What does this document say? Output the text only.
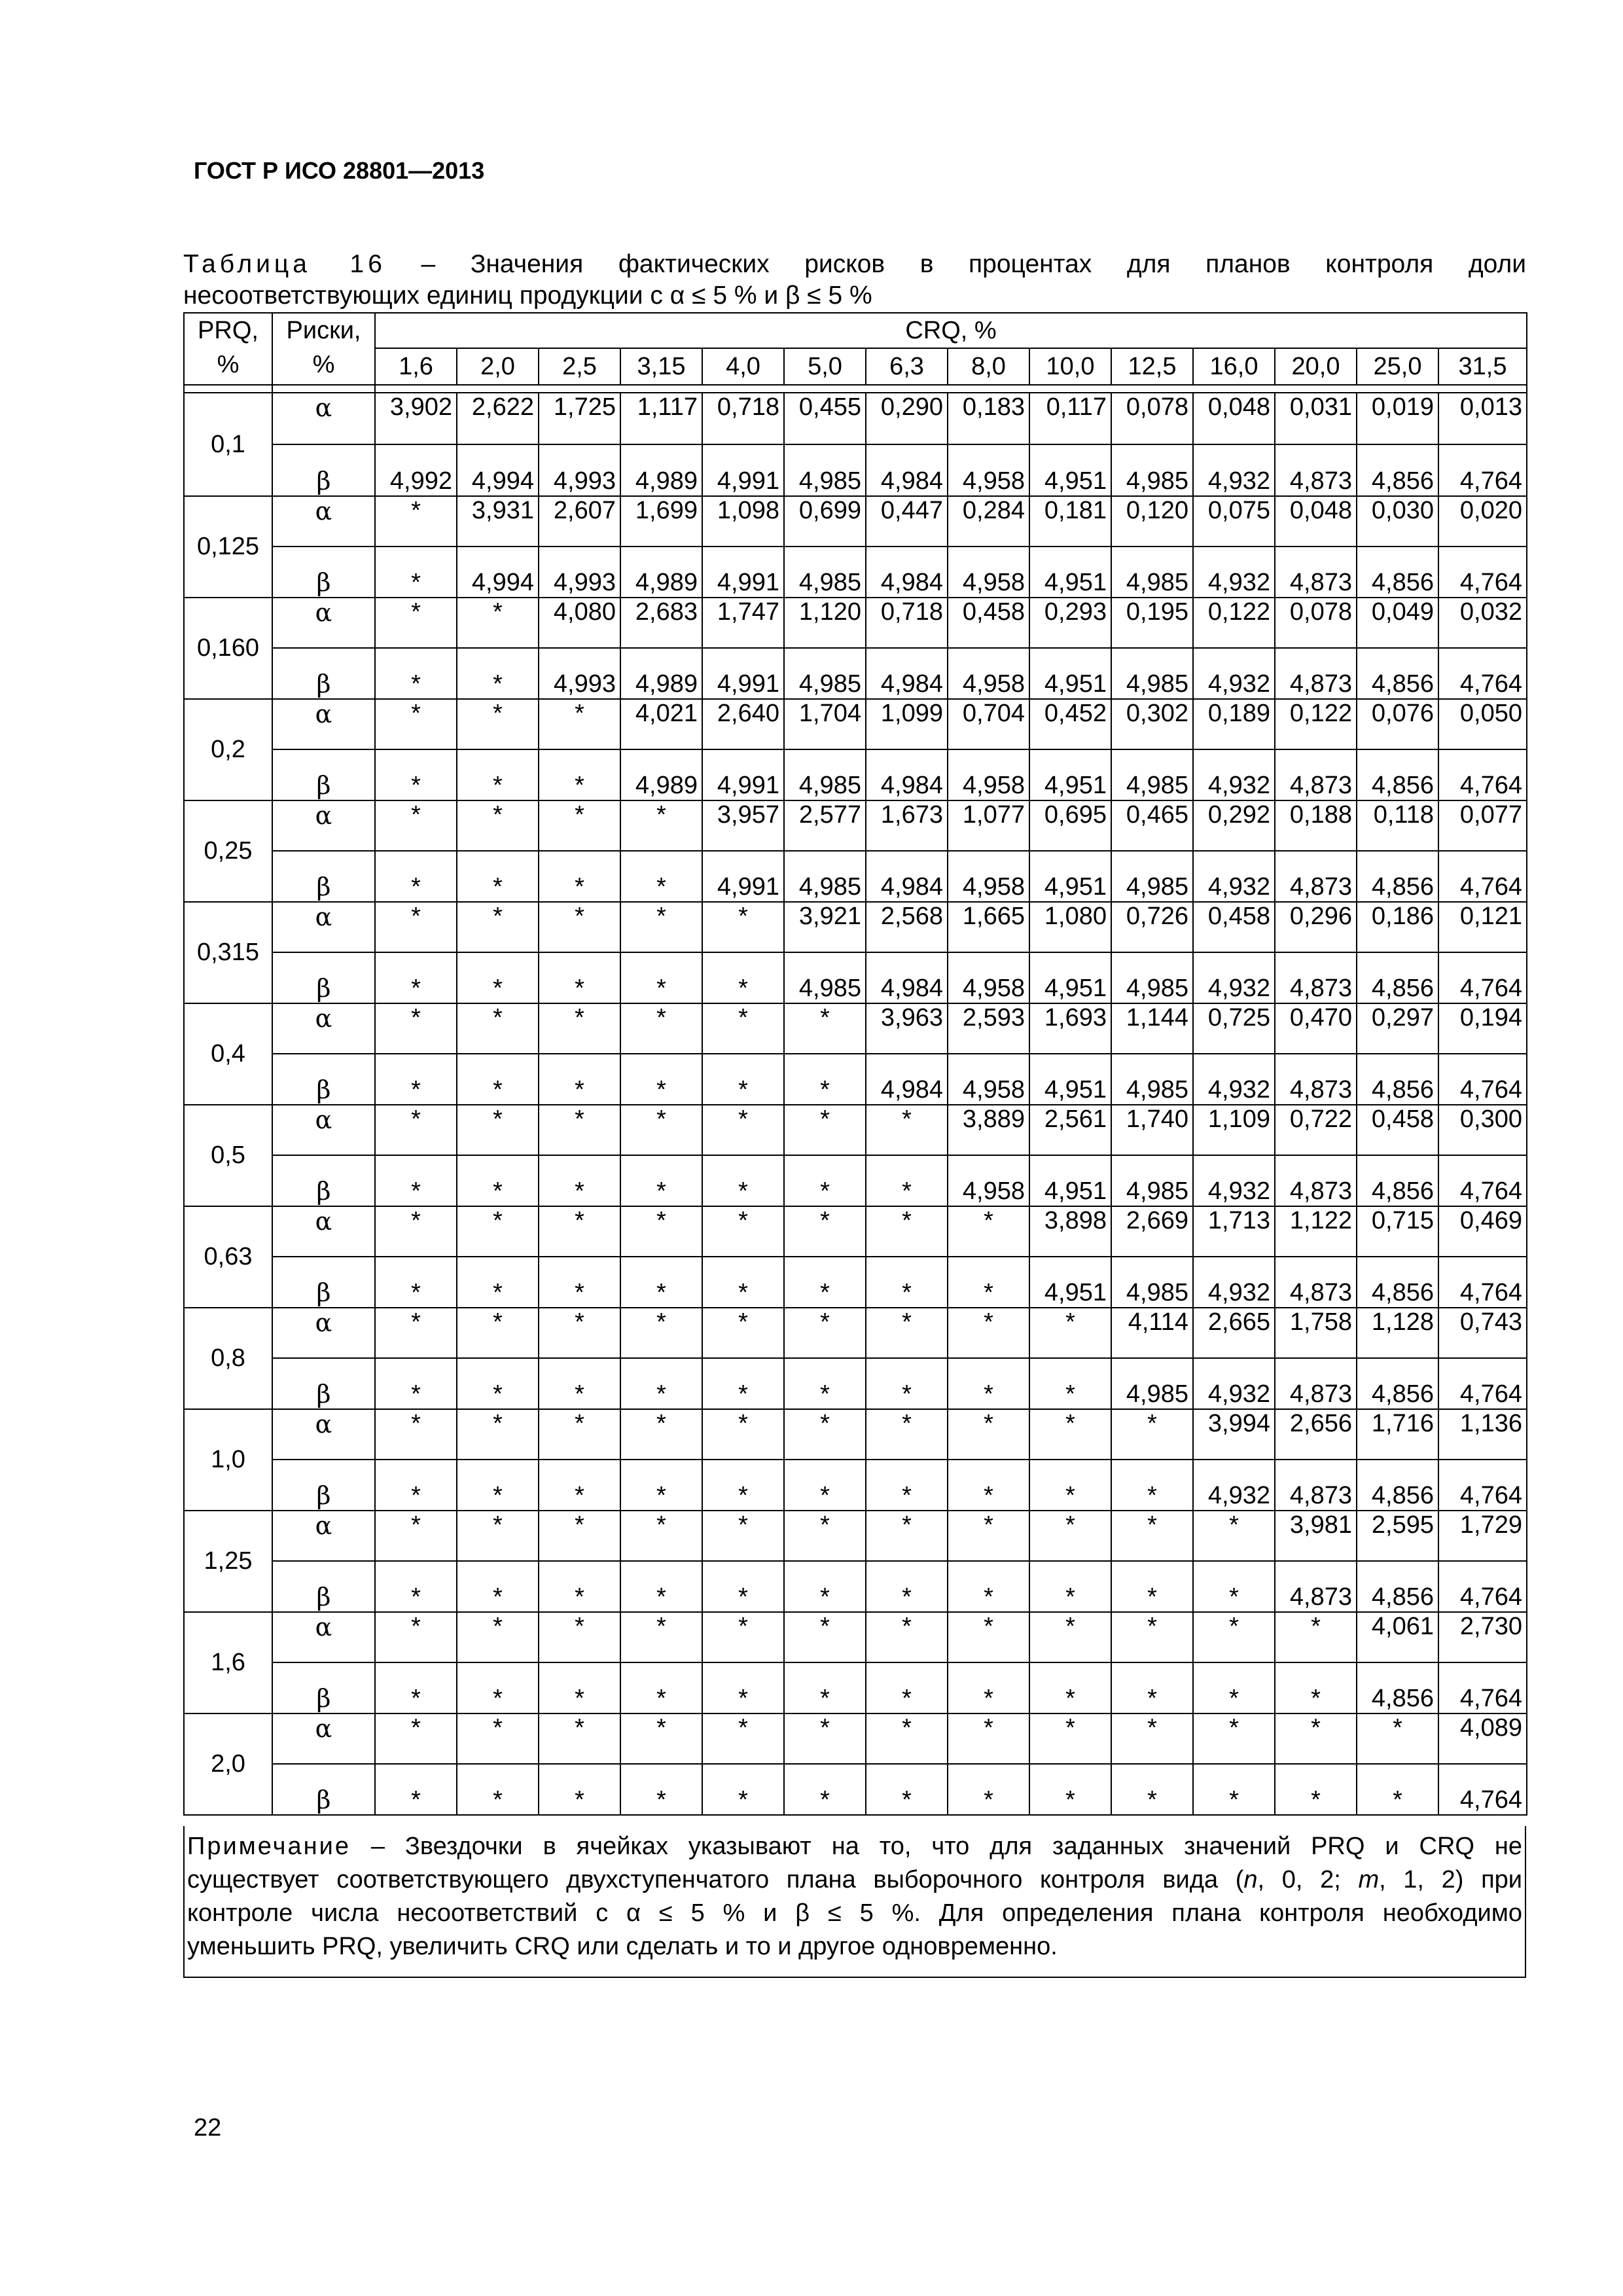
ГОСТ Р ИСО 28801—2013
Таблица 16 – Значения фактических рисков в процентах для планов контроля доли
несоответствующих единиц продукции с α ≤ 5 % и β ≤ 5 %
PRQ, %	Риски, %	CRQ, %													
		1,6	2,0	2,5	3,15	4,0	5,0	6,3	8,0	10,0	12,5	16,0	20,0	25,0	31,5

0,1	α	3,902	2,622	1,725	1,117	0,718	0,455	0,290	0,183	0,117	0,078	0,048	0,031	0,019	0,013
	β	4,992	4,994	4,993	4,989	4,991	4,985	4,984	4,958	4,951	4,985	4,932	4,873	4,856	4,764
0,125	α	*	3,931	2,607	1,699	1,098	0,699	0,447	0,284	0,181	0,120	0,075	0,048	0,030	0,020
	β	*	4,994	4,993	4,989	4,991	4,985	4,984	4,958	4,951	4,985	4,932	4,873	4,856	4,764
0,160	α	*	*	4,080	2,683	1,747	1,120	0,718	0,458	0,293	0,195	0,122	0,078	0,049	0,032
	β	*	*	4,993	4,989	4,991	4,985	4,984	4,958	4,951	4,985	4,932	4,873	4,856	4,764
0,2	α	*	*	*	4,021	2,640	1,704	1,099	0,704	0,452	0,302	0,189	0,122	0,076	0,050
	β	*	*	*	4,989	4,991	4,985	4,984	4,958	4,951	4,985	4,932	4,873	4,856	4,764
0,25	α	*	*	*	*	3,957	2,577	1,673	1,077	0,695	0,465	0,292	0,188	0,118	0,077
	β	*	*	*	*	4,991	4,985	4,984	4,958	4,951	4,985	4,932	4,873	4,856	4,764
0,315	α	*	*	*	*	*	3,921	2,568	1,665	1,080	0,726	0,458	0,296	0,186	0,121
	β	*	*	*	*	*	4,985	4,984	4,958	4,951	4,985	4,932	4,873	4,856	4,764
0,4	α	*	*	*	*	*	*	3,963	2,593	1,693	1,144	0,725	0,470	0,297	0,194
	β	*	*	*	*	*	*	4,984	4,958	4,951	4,985	4,932	4,873	4,856	4,764
0,5	α	*	*	*	*	*	*	*	3,889	2,561	1,740	1,109	0,722	0,458	0,300
	β	*	*	*	*	*	*	*	4,958	4,951	4,985	4,932	4,873	4,856	4,764
0,63	α	*	*	*	*	*	*	*	*	3,898	2,669	1,713	1,122	0,715	0,469
	β	*	*	*	*	*	*	*	*	4,951	4,985	4,932	4,873	4,856	4,764
0,8	α	*	*	*	*	*	*	*	*	*	4,114	2,665	1,758	1,128	0,743
	β	*	*	*	*	*	*	*	*	*	4,985	4,932	4,873	4,856	4,764
1,0	α	*	*	*	*	*	*	*	*	*	*	3,994	2,656	1,716	1,136
	β	*	*	*	*	*	*	*	*	*	*	4,932	4,873	4,856	4,764
1,25	α	*	*	*	*	*	*	*	*	*	*	*	3,981	2,595	1,729
	β	*	*	*	*	*	*	*	*	*	*	*	4,873	4,856	4,764
1,6	α	*	*	*	*	*	*	*	*	*	*	*	*	4,061	2,730
	β	*	*	*	*	*	*	*	*	*	*	*	*	4,856	4,764
2,0	α	*	*	*	*	*	*	*	*	*	*	*	*	*	4,089
	β	*	*	*	*	*	*	*	*	*	*	*	*	*	4,764

Примечание – Звездочки в ячейках указывают на то, что для заданных значений PRQ и CRQ не

существует соответствующего двухступенчатого плана выборочного контроля вида (n, 0, 2; m, 1, 2) при

контроле числа несоответствий с α ≤ 5 % и β ≤ 5 %. Для определения плана контроля необходимо

уменьшить PRQ, увеличить CRQ или сделать и то и другое одновременно.

22
